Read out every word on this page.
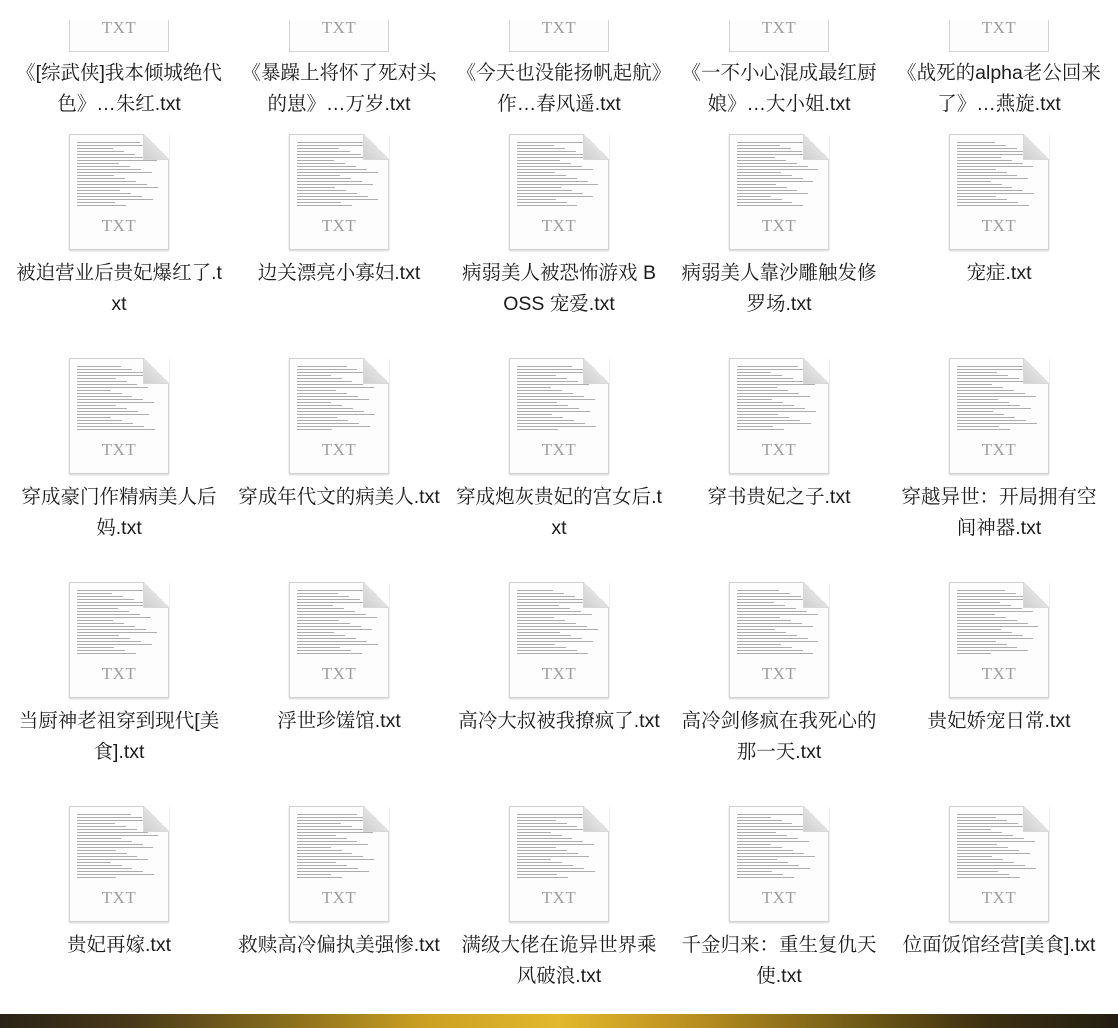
TXT
《[综武侠]我本倾城绝代色》…朱红.txt
TXT
《暴躁上将怀了死对头的崽》…万岁.txt
TXT
《今天也没能扬帆起航》作…春风遥.txt
TXT
《一不小心混成最红厨娘》…大小姐.txt
TXT
《战死的alpha老公回来了》…燕旋.txt
TXT
被迫营业后贵妃爆红了.txt
TXT
边关漂亮小寡妇.txt
TXT
病弱美人被恐怖游戏 BOSS 宠爱.txt
TXT
病弱美人靠沙雕触发修罗场.txt
TXT
宠症.txt
TXT
穿成豪门作精病美人后妈.txt
TXT
穿成年代文的病美人.txt
TXT
穿成炮灰贵妃的宫女后.txt
TXT
穿书贵妃之子.txt
TXT
穿越异世：开局拥有空间神器.txt
TXT
当厨神老祖穿到现代[美食].txt
TXT
浮世珍馐馆.txt
TXT
高冷大叔被我撩疯了.txt
TXT
高冷剑修疯在我死心的那一天.txt
TXT
贵妃娇宠日常.txt
TXT
贵妃再嫁.txt
TXT
救赎高冷偏执美强惨.txt
TXT
满级大佬在诡异世界乘风破浪.txt
TXT
千金归来：重生复仇天使.txt
TXT
位面饭馆经营[美食].txt
